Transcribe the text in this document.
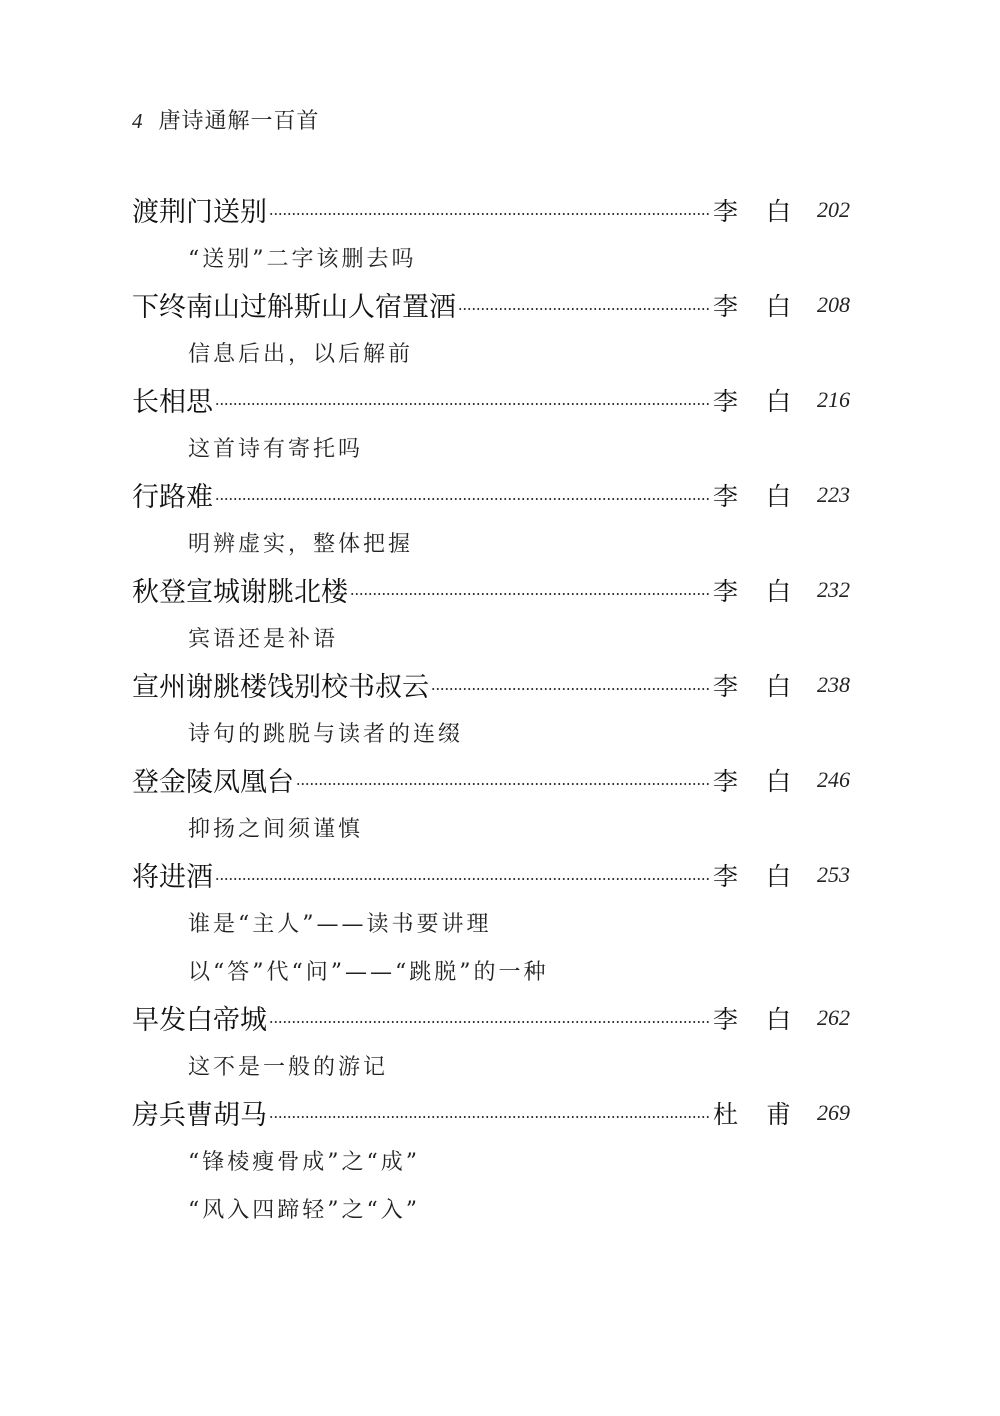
4 唐诗通解一百首
渡荆门送别	李 白 202
“送别”二字该删去吗
下终南山过斛斯山人宿置酒	李 白 208
信息后出，以后解前
长相思	李 白 216
这首诗有寄托吗
行路难	李 白 223
明辨虚实，整体把握
秋登宣城谢脁北楼	李 白 232
宾语还是补语
宣州谢脁楼饯别校书叔云	李 白 238
诗句的跳脱与读者的连缀
登金陵凤凰台	李 白 246
抑扬之间须谨慎
将进酒	李 白 253
谁是“主人”——读书要讲理
以“答”代“问”——“跳脱”的一种
早发白帝城	李 白 262
这不是一般的游记
房兵曹胡马	杜 甫 269
“锋棱瘦骨成”之“成”
“风入四蹄轻”之“入”
